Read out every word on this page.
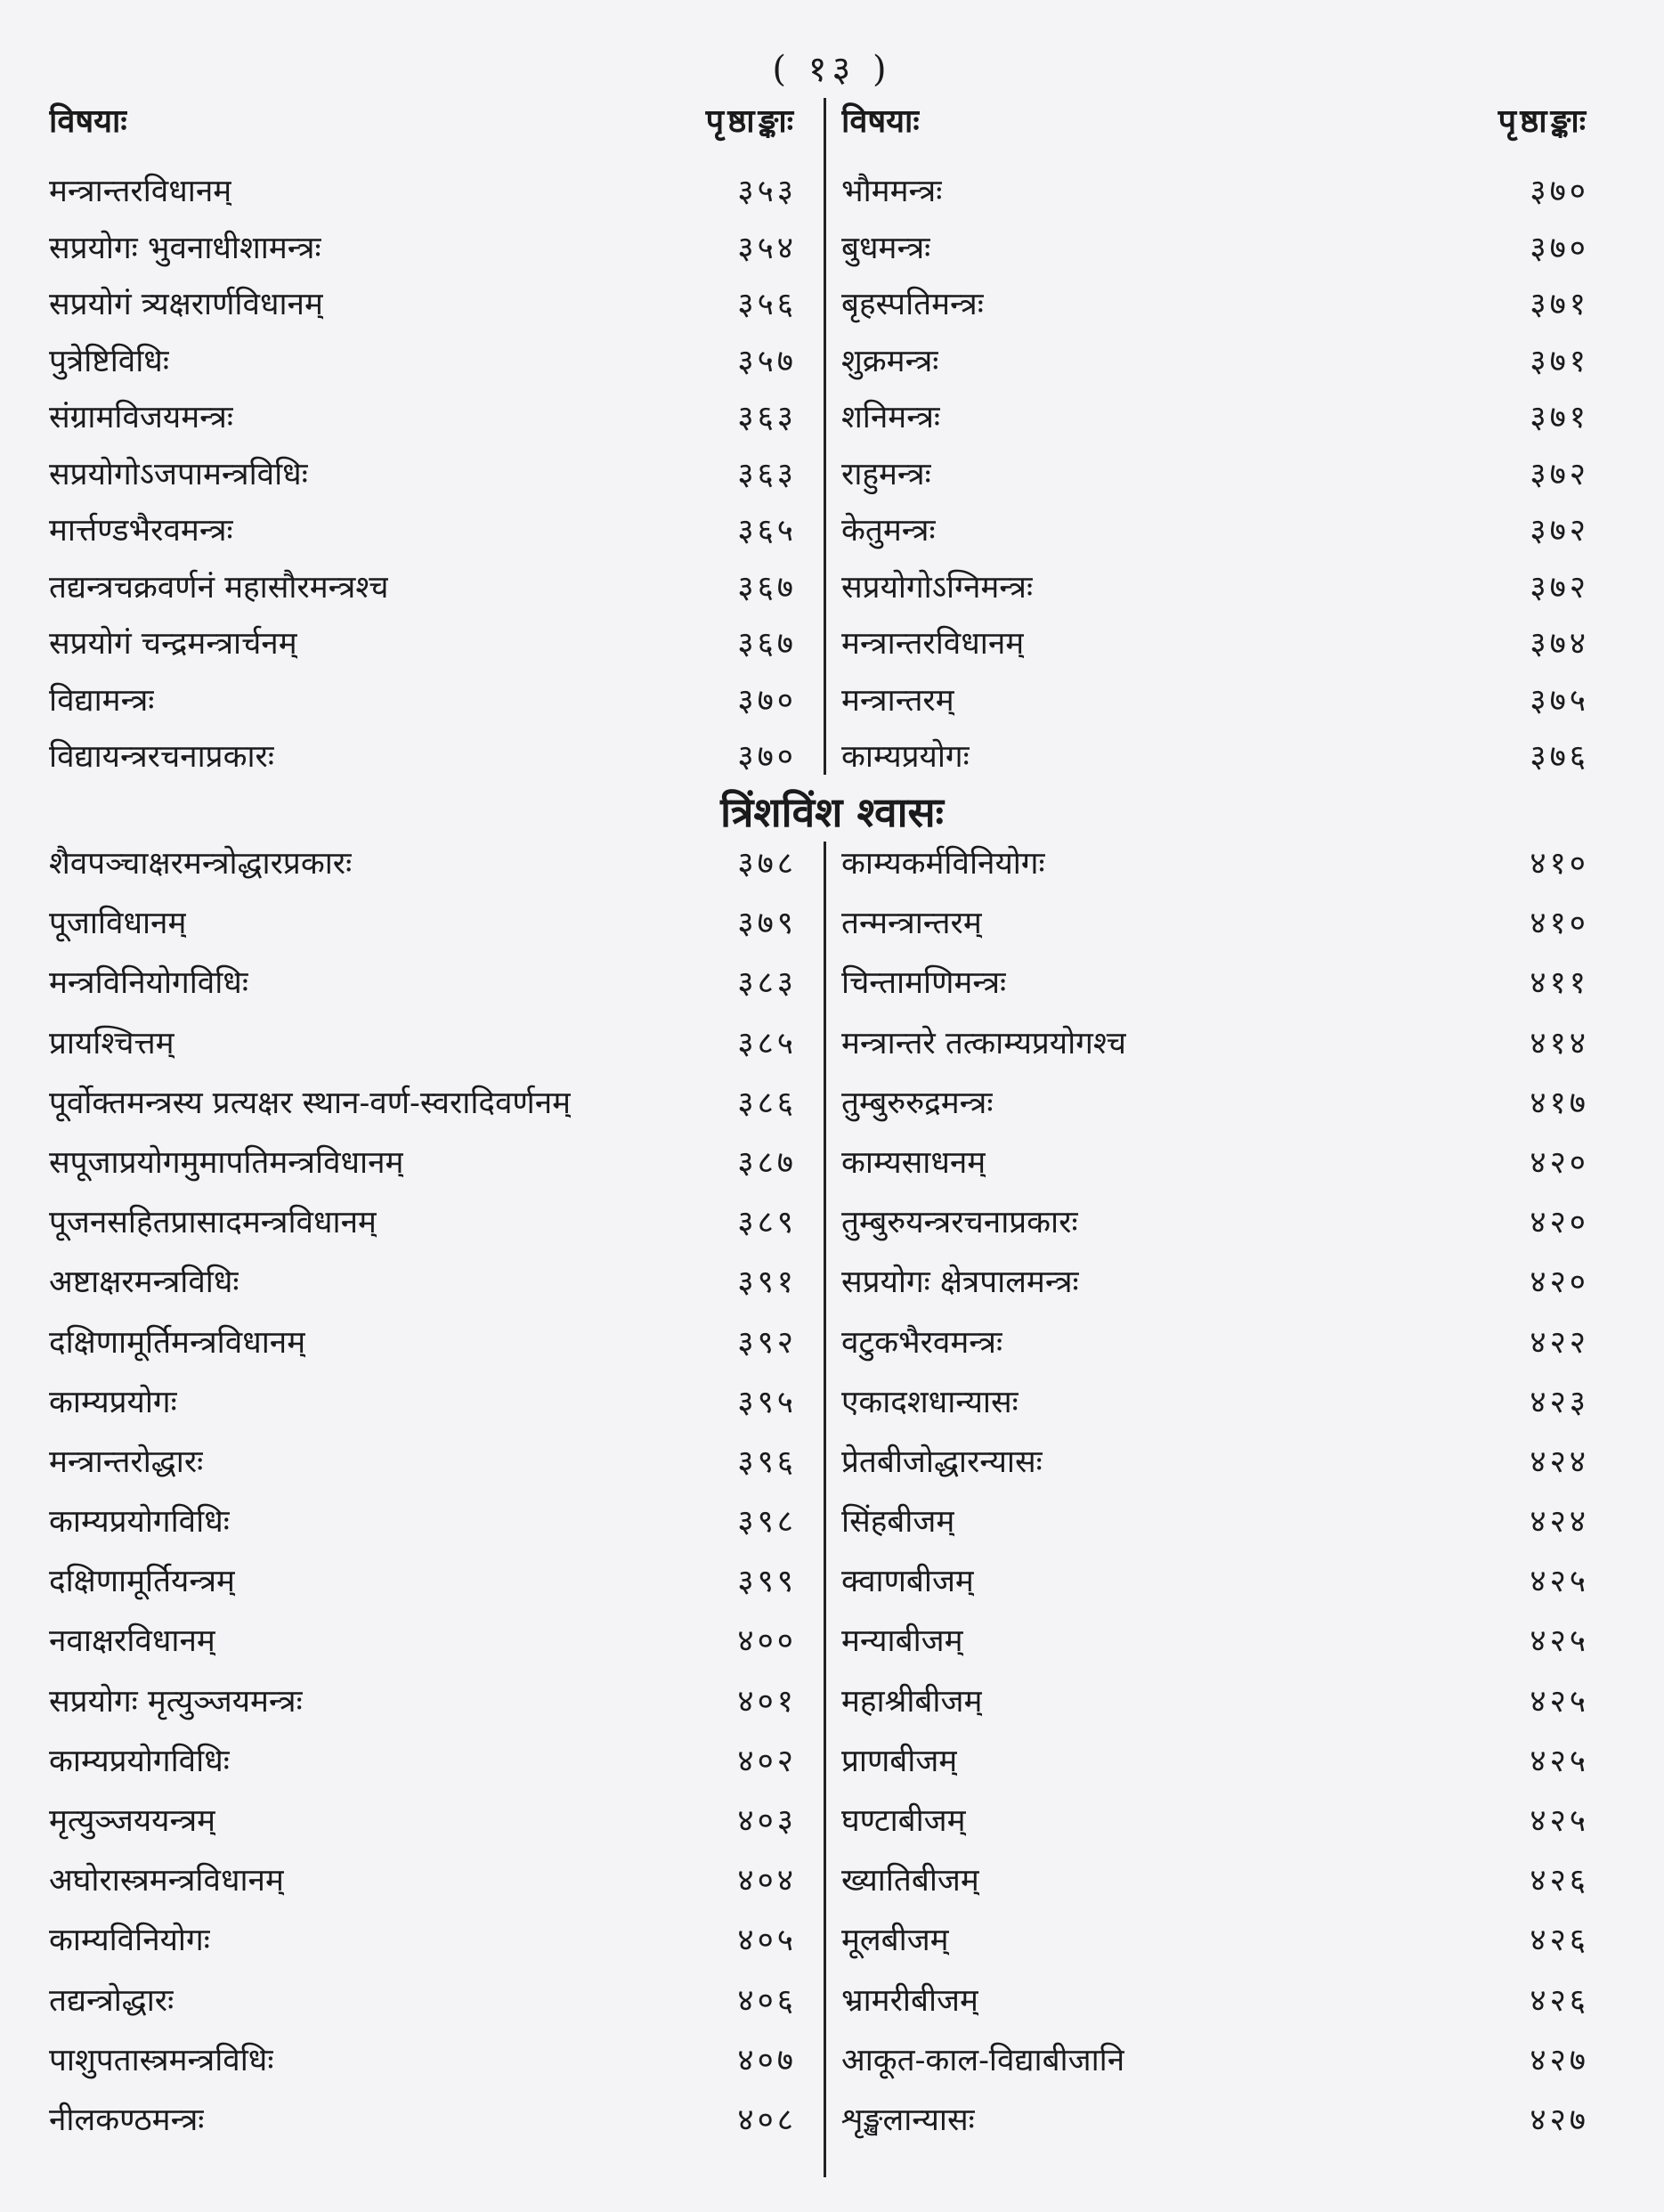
( १३ )
विषयाः	पृष्ठाङ्काः
मन्त्रान्तरविधानम्	३५३
सप्रयोगः भुवनाधीशामन्त्रः	३५४
सप्रयोगं त्र्यक्षरार्णविधानम्	३५६
पुत्रेष्टिविधिः	३५७
संग्रामविजयमन्त्रः	३६३
सप्रयोगोऽजपामन्त्रविधिः	३६३
मार्त्तण्डभैरवमन्त्रः	३६५
तद्यन्त्रचक्रवर्णनं महासौरमन्त्रश्च	३६७
सप्रयोगं चन्द्रमन्त्रार्चनम्	३६७
विद्यामन्त्रः	३७०
विद्यायन्त्ररचनाप्रकारः	३७०
विषयाः	पृष्ठाङ्काः
भौममन्त्रः	३७०
बुधमन्त्रः	३७०
बृहस्पतिमन्त्रः	३७१
शुक्रमन्त्रः	३७१
शनिमन्त्रः	३७१
राहुमन्त्रः	३७२
केतुमन्त्रः	३७२
सप्रयोगोऽग्निमन्त्रः	३७२
मन्त्रान्तरविधानम्	३७४
मन्त्रान्तरम्	३७५
काम्यप्रयोगः	३७६
त्रिंशविंश श्वासः
शैवपञ्चाक्षरमन्त्रोद्धारप्रकारः	३७८
पूजाविधानम्	३७९
मन्त्रविनियोगविधिः	३८३
प्रायश्चित्तम्	३८५
पूर्वोक्तमन्त्रस्य प्रत्यक्षर स्थान-वर्ण-स्वरादिवर्णनम्	३८६
सपूजाप्रयोगमुमापतिमन्त्रविधानम्	३८७
पूजनसहितप्रासादमन्त्रविधानम्	३८९
अष्टाक्षरमन्त्रविधिः	३९१
दक्षिणामूर्तिमन्त्रविधानम्	३९२
काम्यप्रयोगः	३९५
मन्त्रान्तरोद्धारः	३९६
काम्यप्रयोगविधिः	३९८
दक्षिणामूर्तियन्त्रम्	३९९
नवाक्षरविधानम्	४००
सप्रयोगः मृत्युञ्जयमन्त्रः	४०१
काम्यप्रयोगविधिः	४०२
मृत्युञ्जययन्त्रम्	४०३
अघोरास्त्रमन्त्रविधानम्	४०४
काम्यविनियोगः	४०५
तद्यन्त्रोद्धारः	४०६
पाशुपतास्त्रमन्त्रविधिः	४०७
नीलकण्ठमन्त्रः	४०८
काम्यकर्मविनियोगः	४१०
तन्मन्त्रान्तरम्	४१०
चिन्तामणिमन्त्रः	४११
मन्त्रान्तरे तत्काम्यप्रयोगश्च	४१४
तुम्बुरुरुद्रमन्त्रः	४१७
काम्यसाधनम्	४२०
तुम्बुरुयन्त्ररचनाप्रकारः	४२०
सप्रयोगः क्षेत्रपालमन्त्रः	४२०
वटुकभैरवमन्त्रः	४२२
एकादशधान्यासः	४२३
प्रेतबीजोद्धारन्यासः	४२४
सिंहबीजम्	४२४
क्वाणबीजम्	४२५
मन्याबीजम्	४२५
महाश्रीबीजम्	४२५
प्राणबीजम्	४२५
घण्टाबीजम्	४२५
ख्यातिबीजम्	४२६
मूलबीजम्	४२६
भ्रामरीबीजम्	४२६
आकूत-काल-विद्याबीजानि	४२७
शृङ्खलान्यासः	४२७
